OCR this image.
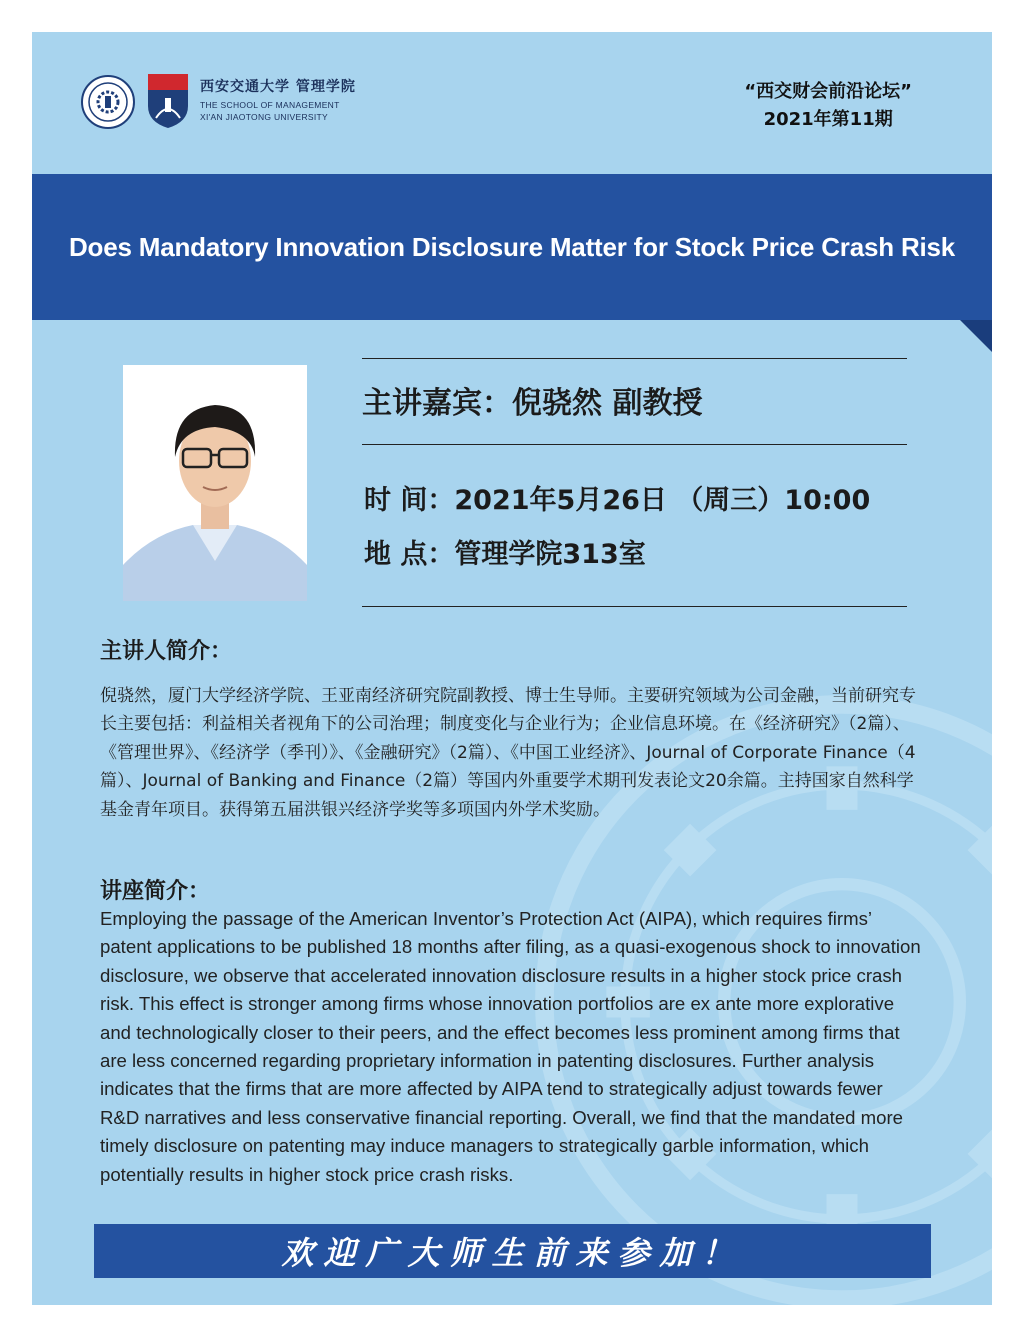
西安交通大学 管理学院
THE SCHOOL OF MANAGEMENT
XI'AN JIAOTONG UNIVERSITY
“西交财会前沿论坛”
2021年第11期
Does Mandatory Innovation Disclosure Matter for Stock Price Crash Risk
主讲嘉宾：倪骁然 副教授
时 间：2021年5月26日 （周三）10:00
地 点：管理学院313室
主讲人简介：
倪骁然，厦门大学经济学院、王亚南经济研究院副教授、博士生导师。主要研究领域为公司金融，当前研究专长主要包括：利益相关者视角下的公司治理；制度变化与企业行为；企业信息环境。在《经济研究》（2篇）、《管理世界》、《经济学（季刊）》、《金融研究》（2篇）、《中国工业经济》、Journal of Corporate Finance（4篇）、Journal of Banking and Finance（2篇）等国内外重要学术期刊发表论文20余篇。主持国家自然科学基金青年项目。获得第五届洪银兴经济学奖等多项国内外学术奖励。
讲座简介：
Employing the passage of the American Inventor’s Protection Act (AIPA), which requires firms’ patent applications to be published 18 months after filing, as a quasi-exogenous shock to innovation disclosure, we observe that accelerated innovation disclosure results in a higher stock price crash risk. This effect is stronger among firms whose innovation portfolios are ex ante more explorative and technologically closer to their peers, and the effect becomes less prominent among firms that are less concerned regarding proprietary information in patenting disclosures. Further analysis indicates that the firms that are more affected by AIPA tend to strategically adjust towards fewer R&D narratives and less conservative financial reporting. Overall, we find that the mandated more timely disclosure on patenting may induce managers to strategically garble information, which potentially results in higher stock price crash risks.
欢迎广大师生前来参加！
